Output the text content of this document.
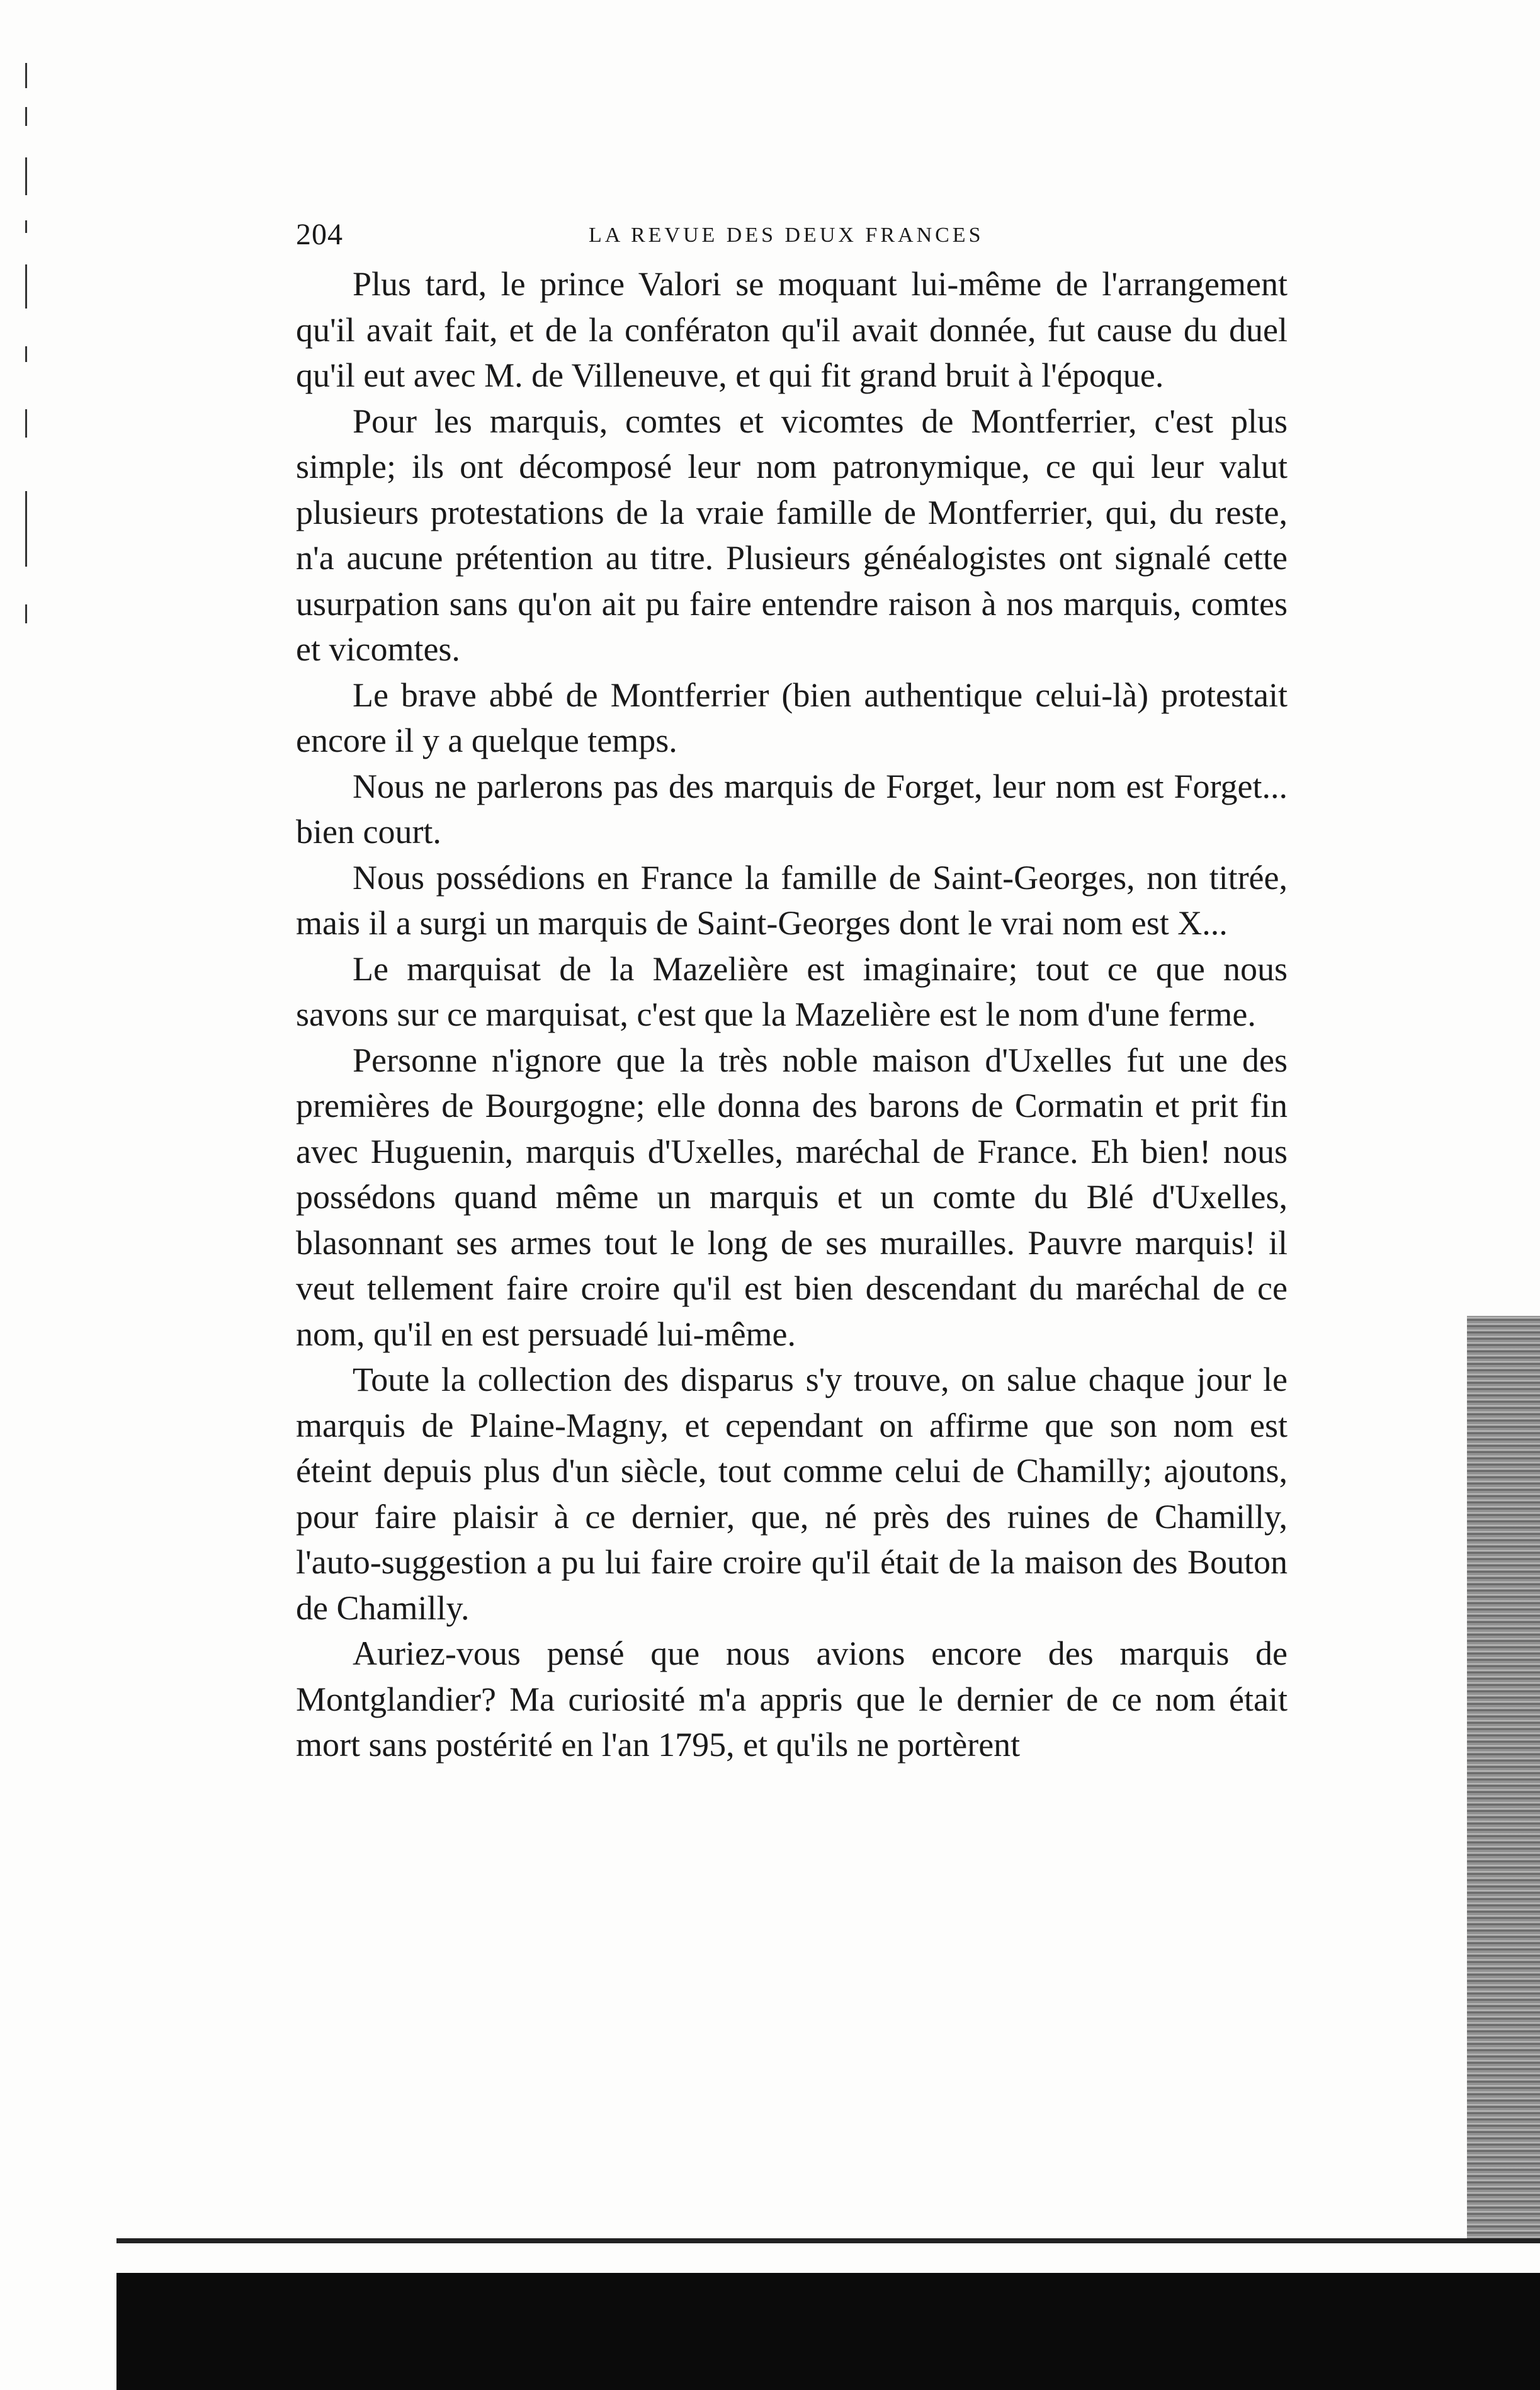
204	LA REVUE DES DEUX FRANCES

Plus tard, le prince Valori se moquant lui-même de l'arrangement qu'il avait fait, et de la confératon qu'il avait donnée, fut cause du duel qu'il eut avec M. de Villeneuve, et qui fit grand bruit à l'époque.

Pour les marquis, comtes et vicomtes de Montferrier, c'est plus simple; ils ont décomposé leur nom patronymique, ce qui leur valut plusieurs protestations de la vraie famille de Montferrier, qui, du reste, n'a aucune prétention au titre. Plusieurs généalogistes ont signalé cette usurpation sans qu'on ait pu faire entendre raison à nos marquis, comtes et vicomtes.

Le brave abbé de Montferrier (bien authentique celui-là) protestait encore il y a quelque temps.

Nous ne parlerons pas des marquis de Forget, leur nom est Forget... bien court.

Nous possédions en France la famille de Saint-Georges, non titrée, mais il a surgi un marquis de Saint-Georges dont le vrai nom est X...

Le marquisat de la Mazelière est imaginaire; tout ce que nous savons sur ce marquisat, c'est que la Mazelière est le nom d'une ferme.

Personne n'ignore que la très noble maison d'Uxelles fut une des premières de Bourgogne; elle donna des barons de Cormatin et prit fin avec Huguenin, marquis d'Uxelles, maréchal de France. Eh bien! nous possédons quand même un marquis et un comte du Blé d'Uxelles, blasonnant ses armes tout le long de ses murailles. Pauvre marquis! il veut tellement faire croire qu'il est bien descendant du maréchal de ce nom, qu'il en est persuadé lui-même.

Toute la collection des disparus s'y trouve, on salue chaque jour le marquis de Plaine-Magny, et cependant on affirme que son nom est éteint depuis plus d'un siècle, tout comme celui de Chamilly; ajoutons, pour faire plaisir à ce dernier, que, né près des ruines de Chamilly, l'auto-suggestion a pu lui faire croire qu'il était de la maison des Bouton de Chamilly.

Auriez-vous pensé que nous avions encore des marquis de Montglandier? Ma curiosité m'a appris que le dernier de ce nom était mort sans postérité en l'an 1795, et qu'ils ne portèrent
